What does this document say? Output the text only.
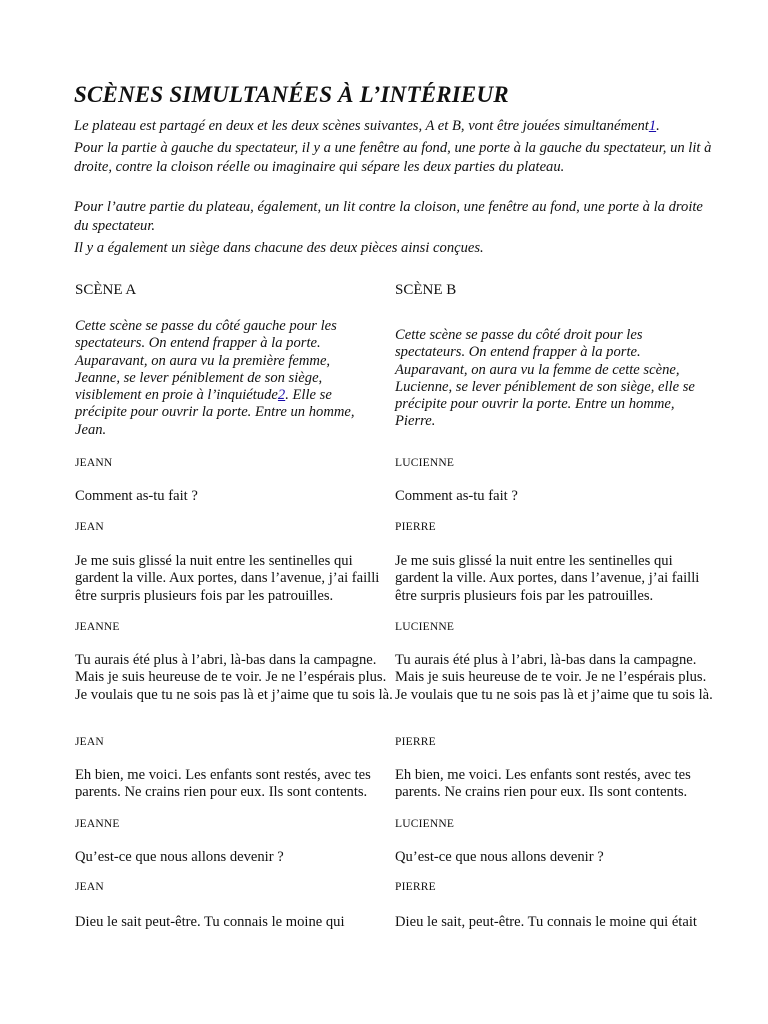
SCÈNES SIMULTANÉES À L’INTÉRIEUR

Le plateau est partagé en deux et les deux scènes suivantes, A et B, vont être jouées simultanément1.

Pour la partie à gauche du spectateur, il y a une fenêtre au fond, une porte à la gauche du spectateur, un lit à droite, contre la cloison réelle ou imaginaire qui sépare les deux parties du plateau.

Pour l’autre partie du plateau, également, un lit contre la cloison, une fenêtre au fond, une porte à la droite du spectateur.

Il y a également un siège dans chacune des deux pièces ainsi conçues.

SCÈNE A

Cette scène se passe du côté gauche pour les spectateurs. On entend frapper à la porte. Auparavant, on aura vu la première femme, Jeanne, se lever péniblement de son siège, visiblement en proie à l’inquiétude2. Elle se précipite pour ouvrir la porte. Entre un homme, Jean.

JEANN

Comment as-tu fait ?

JEAN

Je me suis glissé la nuit entre les sentinelles qui gardent la ville. Aux portes, dans l’avenue, j’ai failli être surpris plusieurs fois par les patrouilles.

JEANNE

Tu aurais été plus à l’abri, là-bas dans la campagne. Mais je suis heureuse de te voir. Je ne l’espérais plus. Je voulais que tu ne sois pas là et j’aime que tu sois là.

JEAN

Eh bien, me voici. Les enfants sont restés, avec tes parents. Ne crains rien pour eux. Ils sont contents.

JEANNE

Qu’est-ce que nous allons devenir ?

JEAN

Dieu le sait peut-être. Tu connais le moine qui

SCÈNE B

Cette scène se passe du côté droit pour les spectateurs. On entend frapper à la porte. Auparavant, on aura vu la femme de cette scène, Lucienne, se lever péniblement de son siège, elle se précipite pour ouvrir la porte. Entre un homme, Pierre.

LUCIENNE

Comment as-tu fait ?

PIERRE

Je me suis glissé la nuit entre les sentinelles qui gardent la ville. Aux portes, dans l’avenue, j’ai failli être surpris plusieurs fois par les patrouilles.

LUCIENNE

Tu aurais été plus à l’abri, là-bas dans la campagne. Mais je suis heureuse de te voir. Je ne l’espérais plus. Je voulais que tu ne sois pas là et j’aime que tu sois là.

PIERRE

Eh bien, me voici. Les enfants sont restés, avec tes parents. Ne crains rien pour eux. Ils sont contents.

LUCIENNE

Qu’est-ce que nous allons devenir ?

PIERRE

Dieu le sait, peut-être. Tu connais le moine qui était
